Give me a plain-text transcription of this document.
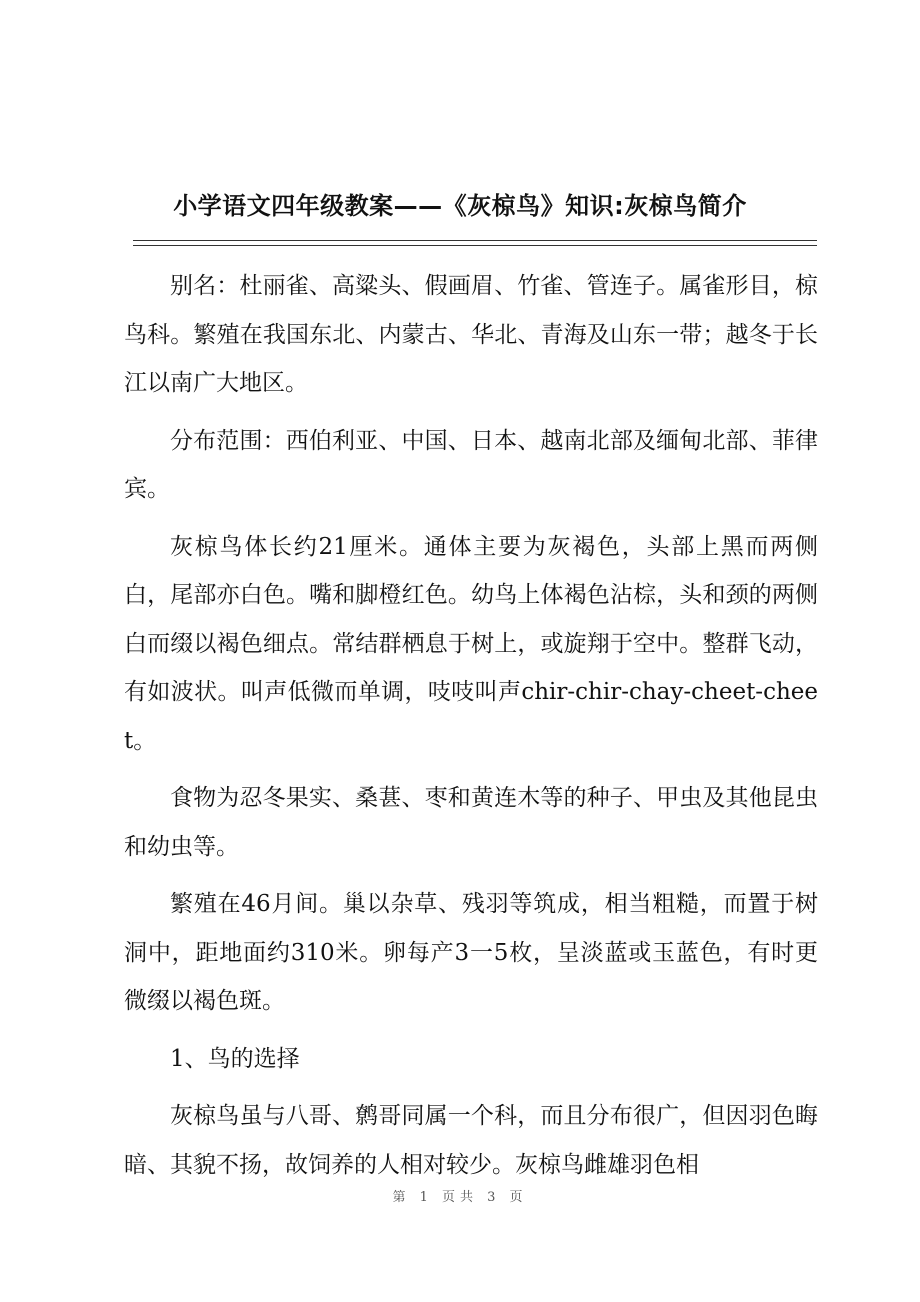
小学语文四年级教案——《灰椋鸟》知识:灰椋鸟简介

别名：杜丽雀、高粱头、假画眉、竹雀、管连子。属雀形目，椋鸟科。繁殖在我国东北、内蒙古、华北、青海及山东一带；越冬于长江以南广大地区。

分布范围：西伯利亚、中国、日本、越南北部及缅甸北部、菲律宾。

灰椋鸟体长约21厘米。通体主要为灰褐色，头部上黑而两侧白，尾部亦白色。嘴和脚橙红色。幼鸟上体褐色沾棕，头和颈的两侧白而缀以褐色细点。常结群栖息于树上，或旋翔于空中。整群飞动，有如波状。叫声低微而单调，吱吱叫声chir-chir-chay-cheet-cheet。

食物为忍冬果实、桑葚、枣和黄连木等的种子、甲虫及其他昆虫和幼虫等。

繁殖在46月间。巢以杂草、残羽等筑成，相当粗糙，而置于树洞中，距地面约310米。卵每产3一5枚，呈淡蓝或玉蓝色，有时更微缀以褐色斑。

1、鸟的选择

灰椋鸟虽与八哥、鹩哥同属一个科，而且分布很广，但因羽色晦暗、其貌不扬，故饲养的人相对较少。灰椋鸟雌雄羽色相

第 1 页共 3 页
